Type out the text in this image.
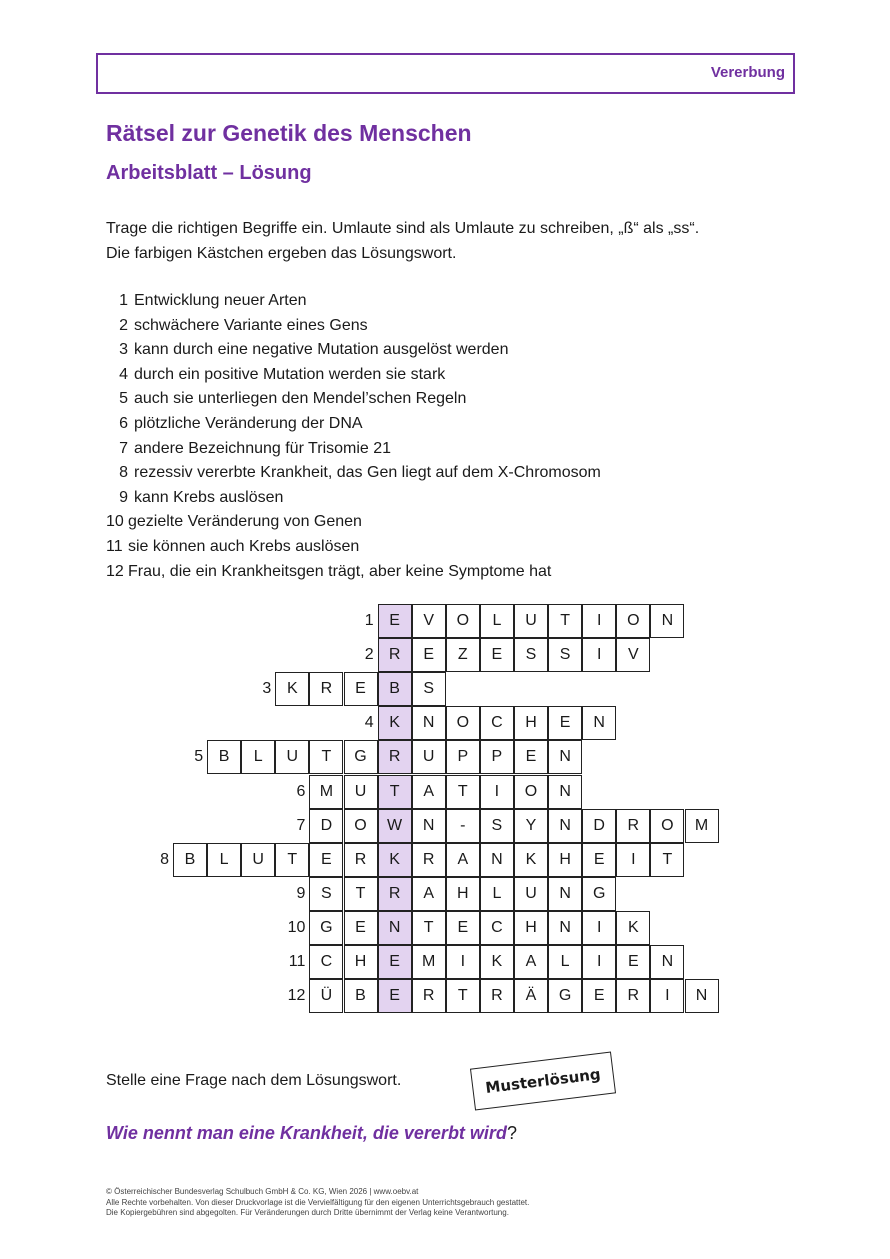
Vererbung
Rätsel zur Genetik des Menschen
Arbeitsblatt – Lösung
Trage die richtigen Begriffe ein. Umlaute sind als Umlaute zu schreiben, „ß“ als „ss“.
Die farbigen Kästchen ergeben das Lösungswort.
1 Entwicklung neuer Arten
2 schwächere Variante eines Gens
3 kann durch eine negative Mutation ausgelöst werden
4 durch ein positive Mutation werden sie stark
5 auch sie unterliegen den Mendel’schen Regeln
6 plötzliche Veränderung der DNA
7 andere Bezeichnung für Trisomie 21
8 rezessiv vererbte Krankheit, das Gen liegt auf dem X-Chromosom
9 kann Krebs auslösen
10 gezielte Veränderung von Genen
11 sie können auch Krebs auslösen
12 Frau, die ein Krankheitsgen trägt, aber keine Symptome hat
1 E	V	O	L	U	T	I	O	N
2 R	E	Z	E	S	S	I	V
3 K	R	E	B	S
4 K	N	O	C	H	E	N
5 B	L	U	T	G	R	U	P	P	E	N
6 M	U	T	A	T	I	O	N
7 D	O	W	N	-	S	Y	N	D	R	O	M
8 B	L	U	T	E	R	K	R	A	N	K	H	E	I	T
9 S	T	R	A	H	L	U	N	G
10 G	E	N	T	E	C	H	N	I	K
11 C	H	E	M	I	K	A	L	I	E	N
12 Ü	B	E	R	T	R	Ä	G	E	R	I	N
Stelle eine Frage nach dem Lösungswort.	Musterlösung
Wie nennt man eine Krankheit, die vererbt wird?
© Österreichischer Bundesverlag Schulbuch GmbH & Co. KG, Wien 2026 | www.oebv.at
Alle Rechte vorbehalten. Von dieser Druckvorlage ist die Vervielfältigung für den eigenen Unterrichtsgebrauch gestattet.
Die Kopiergebühren sind abgegolten. Für Veränderungen durch Dritte übernimmt der Verlag keine Verantwortung.
